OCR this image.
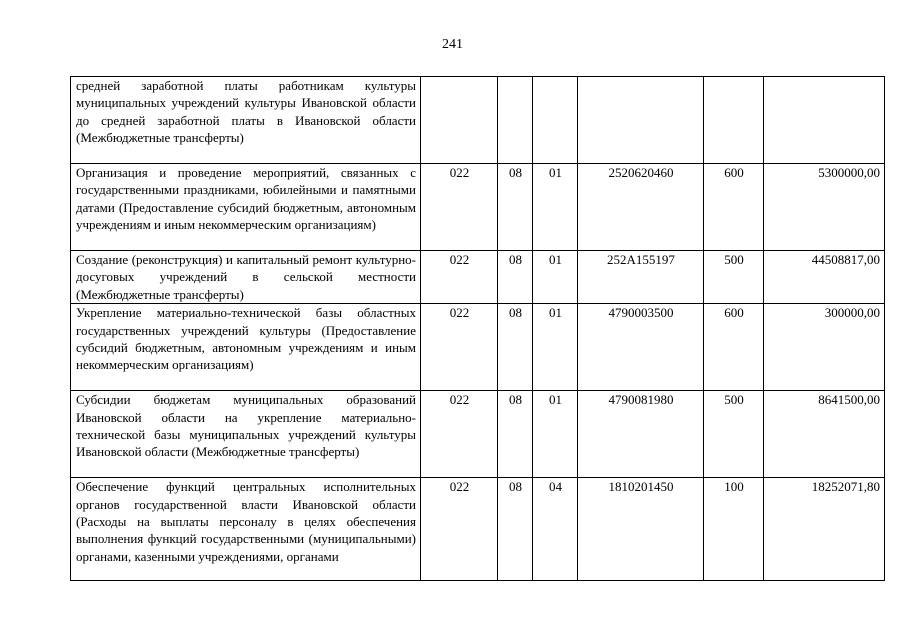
241
средней заработной платы работникам культуры муниципальных учреждений культуры Ивановской области до средней заработной платы в Ивановской области (Межбюджетные трансферты)						
Организация и проведение мероприятий, связанных с государственными праздниками, юбилейными и памятными датами (Предоставление субсидий бюджетным, автономным учреждениям и иным некоммерческим организациям)	022	08	01	2520620460	600	5300000,00
Создание (реконструкция) и капитальный ремонт культурно-досуговых учреждений в сельской местности (Межбюджетные трансферты)	022	08	01	252A155197	500	44508817,00
Укрепление материально-технической базы областных государственных учреждений культуры (Предоставление субсидий бюджетным, автономным учреждениям и иным некоммерческим организациям)	022	08	01	4790003500	600	300000,00
Субсидии бюджетам муниципальных образований Ивановской области на укрепление материально-технической базы муниципальных учреждений культуры Ивановской области (Межбюджетные трансферты)	022	08	01	4790081980	500	8641500,00

Обеспечение функций центральных исполнительных органов государственной власти Ивановской области (Расходы на выплаты персоналу в целях обеспечения выполнения функций государственными (муниципальными) органами, казенными учреждениями, органами	022	08	04	1810201450	100	18252071,80
